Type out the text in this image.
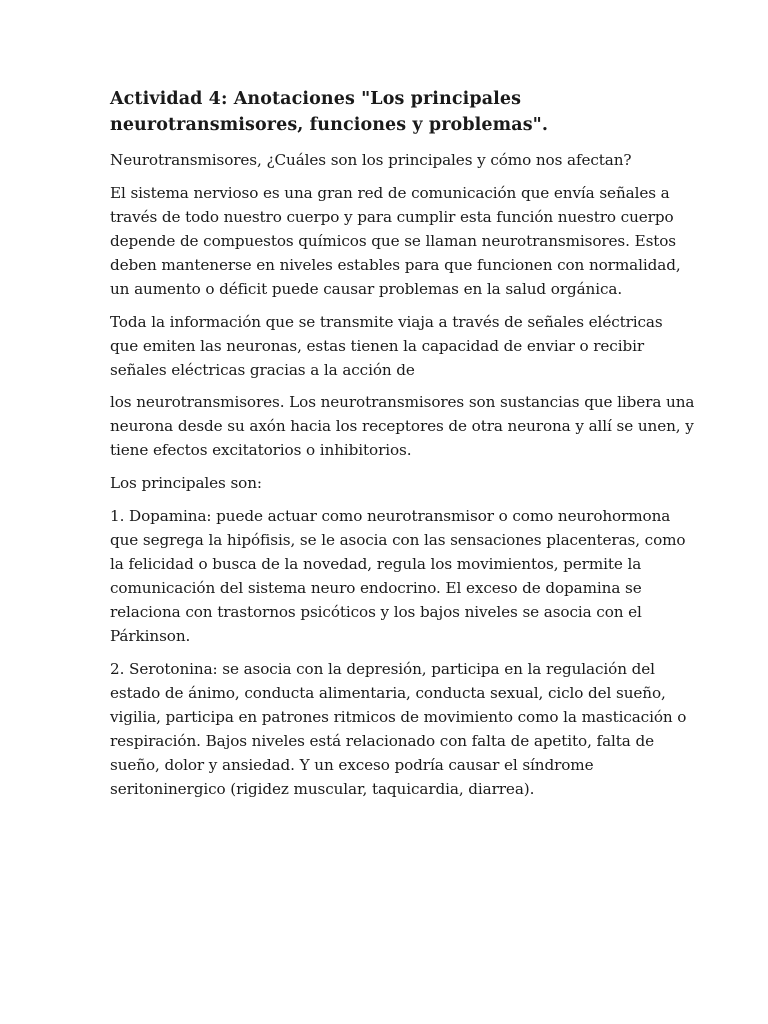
Actividad 4: Anotaciones "Los principales
neurotransmisores, funciones y problemas".

Neurotransmisores, ¿Cuáles son los principales y cómo nos afectan?

El sistema nervioso es una gran red de comunicación que envía señales a través de todo nuestro cuerpo y para cumplir esta función nuestro cuerpo depende de compuestos químicos que se llaman neurotransmisores. Estos deben mantenerse en niveles estables para que funcionen con normalidad, un aumento o déficit puede causar problemas en la salud orgánica.

Toda la información que se transmite viaja a través de señales eléctricas que emiten las neuronas, estas tienen la capacidad de enviar o recibir señales eléctricas gracias a la acción de

los neurotransmisores. Los neurotransmisores son sustancias que libera una neurona desde su axón hacia los receptores de otra neurona y allí se unen, y tiene efectos excitatorios o inhibitorios.

Los principales son:

1. Dopamina: puede actuar como neurotransmisor o como neurohormona que segrega la hipófisis, se le asocia con las sensaciones placenteras, como la felicidad o busca de la novedad, regula los movimientos, permite la comunicación del sistema neuro endocrino. El exceso de dopamina se relaciona con trastornos psicóticos y los bajos niveles se asocia con el Párkinson.

2. Serotonina: se asocia con la depresión, participa en la regulación del estado de ánimo, conducta alimentaria, conducta sexual, ciclo del sueño, vigilia, participa en patrones ritmicos de movimiento como la masticación o respiración. Bajos niveles está relacionado con falta de apetito, falta de sueño, dolor y ansiedad. Y un exceso podría causar el síndrome seritoninergico (rigidez muscular, taquicardia, diarrea).
